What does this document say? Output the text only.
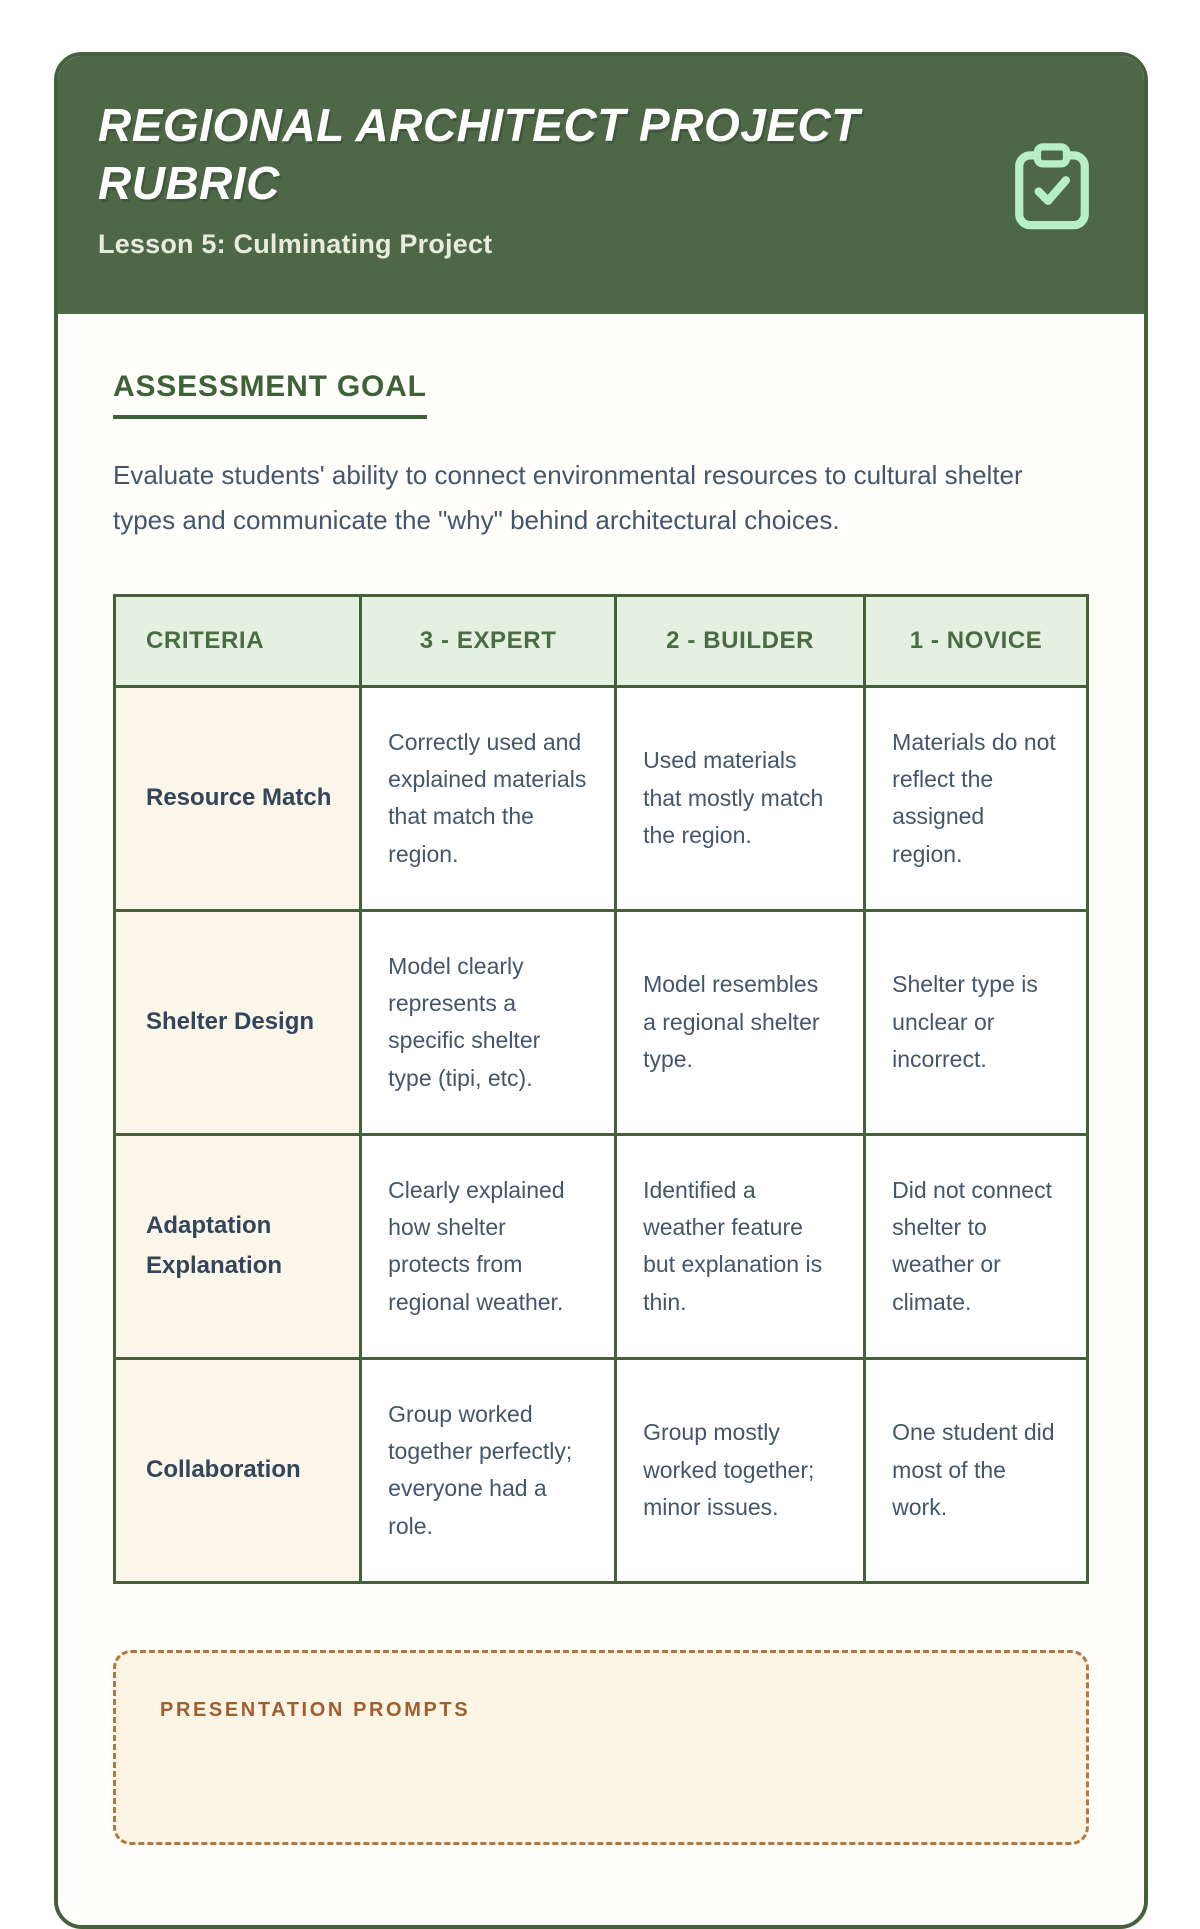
REGIONAL ARCHITECT PROJECT RUBRIC
Lesson 5: Culminating Project
ASSESSMENT GOAL

Evaluate students' ability to connect environmental resources to cultural shelter types and communicate the "why" behind architectural choices.

CRITERIA	3 - EXPERT	2 - BUILDER	1 - NOVICE
Resource Match	Correctly used and explained materials that match the region.	Used materials that mostly match the region.	Materials do not reflect the assigned region.
Shelter Design	Model clearly represents a specific shelter type (tipi, etc).	Model resembles a regional shelter type.	Shelter type is unclear or incorrect.
Adaptation Explanation	Clearly explained how shelter protects from regional weather.	Identified a weather feature but explanation is thin.	Did not connect shelter to weather or climate.
Collaboration	Group worked together perfectly; everyone had a role.	Group mostly worked together; minor issues.	One student did most of the work.
PRESENTATION PROMPTS
